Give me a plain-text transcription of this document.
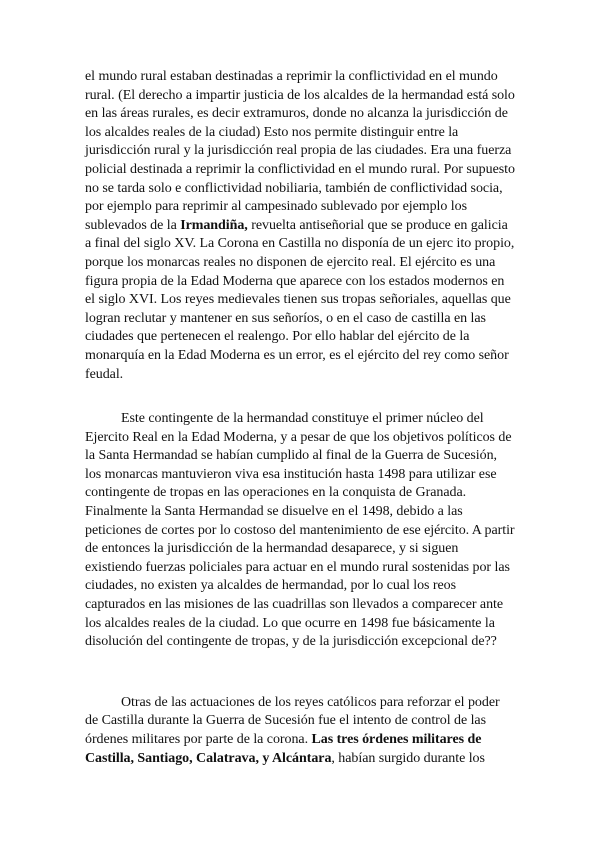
el mundo rural estaban destinadas a reprimir la conflictividad en el mundo rural. (El derecho a impartir justicia de los alcaldes de la hermandad está solo en las áreas rurales, es decir extramuros, donde no alcanza la jurisdicción de los alcaldes reales de la ciudad) Esto nos permite distinguir entre la jurisdicción rural y la jurisdicción real propia de las ciudades. Era una fuerza policial destinada a reprimir la conflictividad en el mundo rural. Por supuesto no se tarda solo e conflictividad nobiliaria, también de conflictividad socia, por ejemplo para reprimir al campesinado sublevado por ejemplo los sublevados de la Irmandiña, revuelta antiseñorial que se produce en galicia a final del siglo XV. La Corona en Castilla no disponía de un ejerc ito propio, porque los monarcas reales no disponen de ejercito real. El ejército es una figura propia de la Edad Moderna que aparece con los estados modernos en el siglo XVI. Los reyes medievales tienen sus tropas señoriales, aquellas que logran reclutar y mantener en sus señoríos, o en el caso de castilla en las ciudades que pertenecen el realengo. Por ello hablar del ejército de la monarquía en la Edad Moderna es un error, es el ejército del rey como señor feudal.

Este contingente de la hermandad constituye el primer núcleo del Ejercito Real en la Edad Moderna, y a pesar de que los objetivos políticos de la Santa Hermandad se habían cumplido al final de la Guerra de Sucesión, los monarcas mantuvieron viva esa institución hasta 1498 para utilizar ese contingente de tropas en las operaciones en la conquista de Granada. Finalmente la Santa Hermandad se disuelve en el 1498, debido a las peticiones de cortes por lo costoso del mantenimiento de ese ejército. A partir de entonces la jurisdicción de la hermandad desaparece, y si siguen existiendo fuerzas policiales para actuar en el mundo rural sostenidas por las ciudades, no existen ya alcaldes de hermandad, por lo cual los reos capturados en las misiones de las cuadrillas son llevados a comparecer ante los alcaldes reales de la ciudad. Lo que ocurre en 1498 fue básicamente la disolución del contingente de tropas, y de la jurisdicción excepcional de??

Otras de las actuaciones de los reyes católicos para reforzar el poder de Castilla durante la Guerra de Sucesión fue el intento de control de las órdenes militares por parte de la corona. Las tres órdenes militares de Castilla, Santiago, Calatrava, y Alcántara, habían surgido durante los
